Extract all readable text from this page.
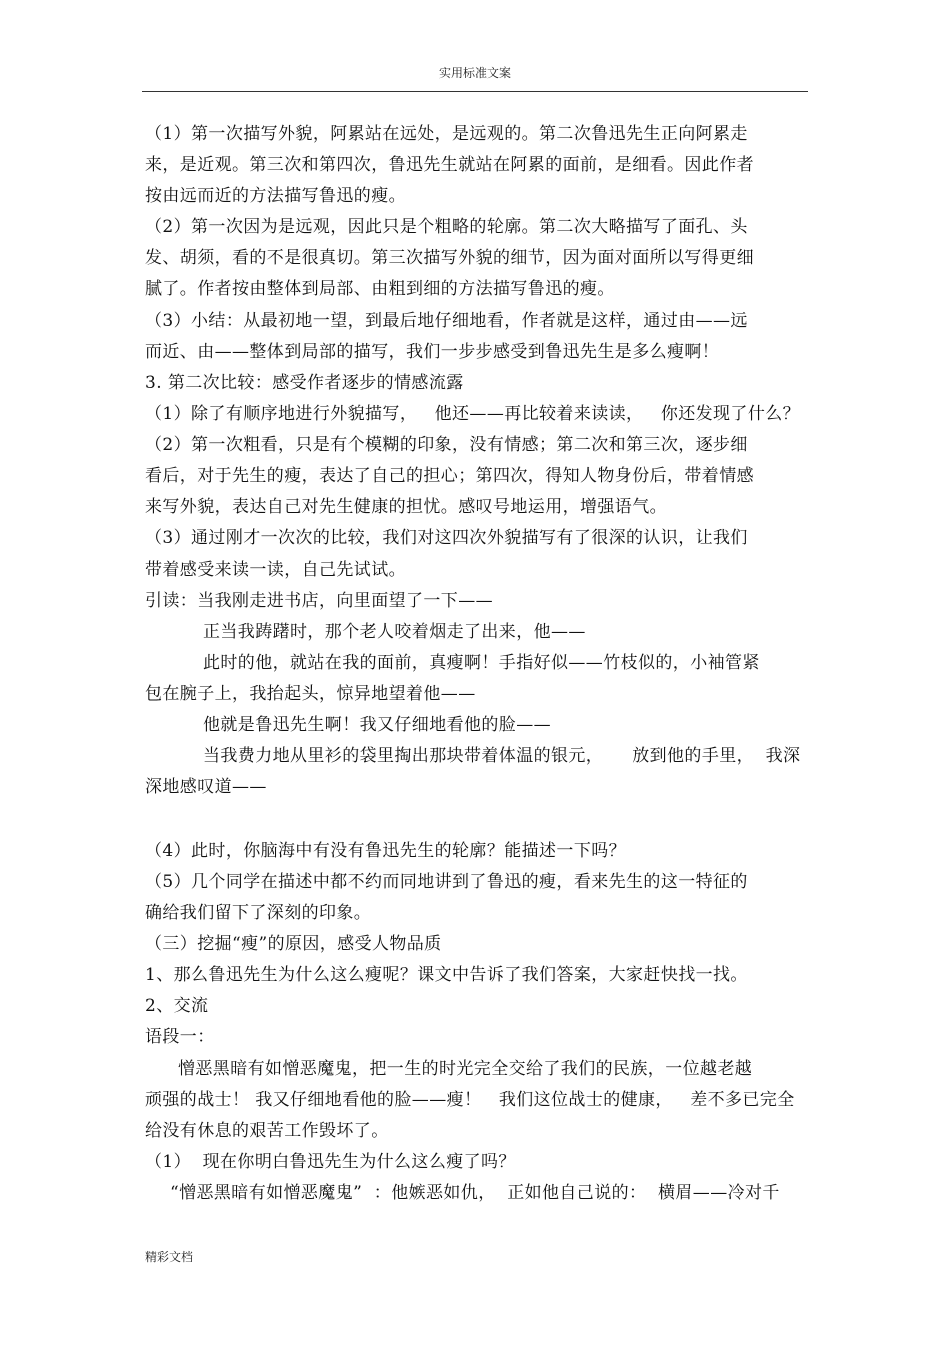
实用标准文案
（1）第一次描写外貌，阿累站在远处，是远观的。第二次鲁迅先生正向阿累走
来，是近观。第三次和第四次，鲁迅先生就站在阿累的面前，是细看。因此作者
按由远而近的方法描写鲁迅的瘦。
（2）第一次因为是远观，因此只是个粗略的轮廓。第二次大略描写了面孔、头
发、胡须，看的不是很真切。第三次描写外貌的细节，因为面对面所以写得更细
腻了。作者按由整体到局部、由粗到细的方法描写鲁迅的瘦。
（3）小结：从最初地一望，到最后地仔细地看，作者就是这样，通过由——远
而近、由——整体到局部的描写，我们一步步感受到鲁迅先生是多么瘦啊！
3. 第二次比较：感受作者逐步的情感流露
（1）除了有顺序地进行外貌描写，   他还——再比较着来读读，   你还发现了什么？
（2）第一次粗看，只是有个模糊的印象，没有情感；第二次和第三次，逐步细
看后，对于先生的瘦，表达了自己的担心；第四次，得知人物身份后，带着情感
来写外貌，表达自己对先生健康的担忧。感叹号地运用，增强语气。
（3）通过刚才一次次的比较，我们对这四次外貌描写有了很深的认识，让我们
带着感受来读一读，自己先试试。
引读：当我刚走进书店，向里面望了一下——
正当我踌躇时，那个老人咬着烟走了出来，他——
此时的他，就站在我的面前，真瘦啊！手指好似——竹枝似的，小袖管紧
包在腕子上，我抬起头，惊异地望着他——
他就是鲁迅先生啊！我又仔细地看他的脸——
当我费力地从里衫的袋里掏出那块带着体温的银元，     放到他的手里，  我深
深地感叹道——
（4）此时，你脑海中有没有鲁迅先生的轮廓？能描述一下吗？
（5）几个同学在描述中都不约而同地讲到了鲁迅的瘦，看来先生的这一特征的
确给我们留下了深刻的印象。
（三）挖掘“瘦”的原因，感受人物品质
1、那么鲁迅先生为什么这么瘦呢？课文中告诉了我们答案，大家赶快找一找。
2、交流
语段一：
憎恶黑暗有如憎恶魔鬼，把一生的时光完全交给了我们的民族，一位越老越
顽强的战士！ 我又仔细地看他的脸——瘦！   我们这位战士的健康，   差不多已完全
给没有休息的艰苦工作毁坏了。
（1）  现在你明白鲁迅先生为什么这么瘦了吗？
“憎恶黑暗有如憎恶魔鬼”  ：他嫉恶如仇，  正如他自己说的：  横眉——冷对千
精彩文档
